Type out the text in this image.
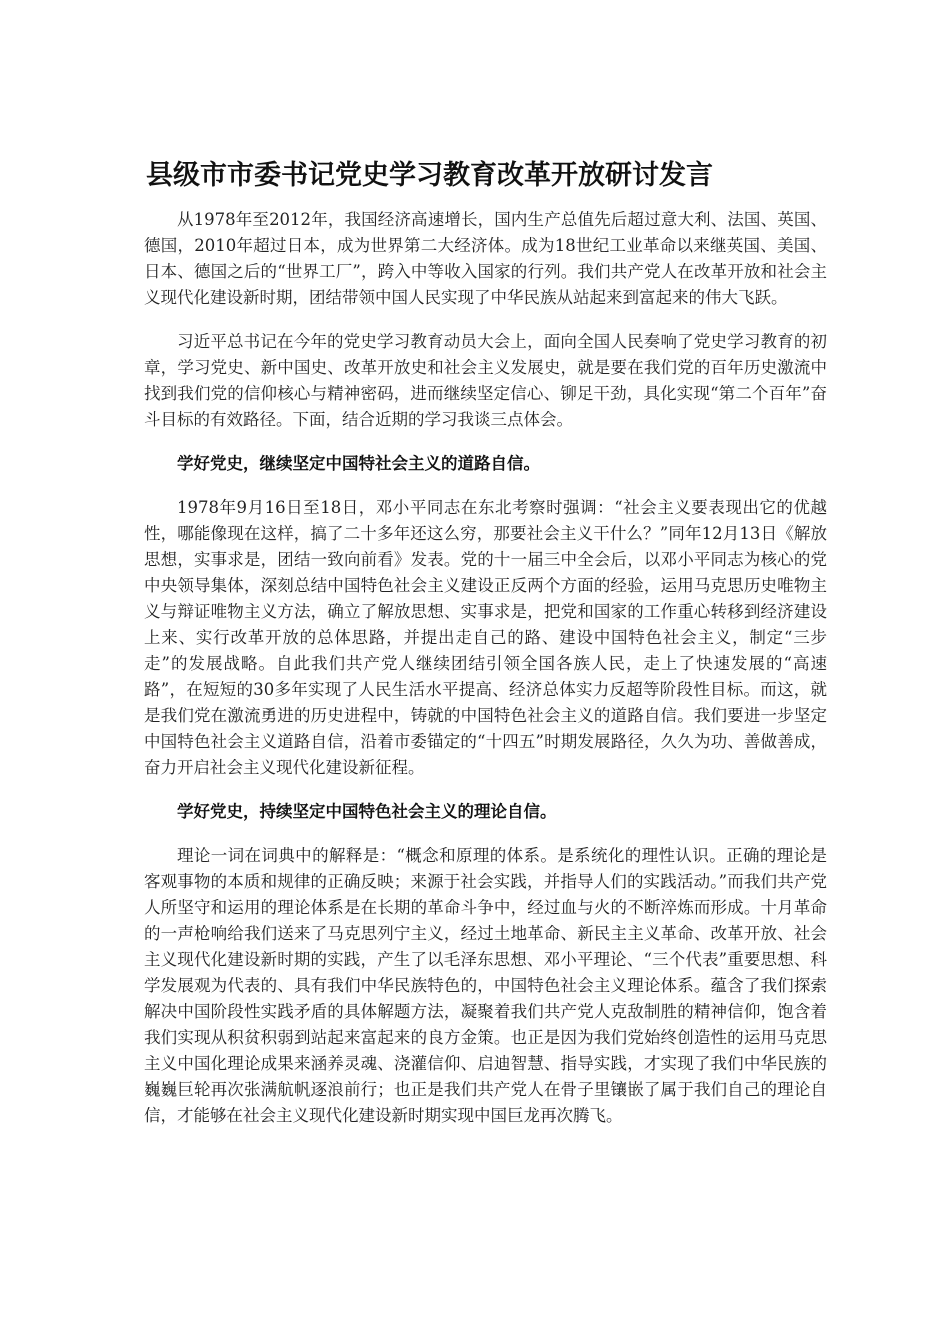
县级市市委书记党史学习教育改革开放研讨发言

从1978年至2012年，我国经济高速增长，国内生产总值先后超过意大利、法国、英国、德国，2010年超过日本，成为世界第二大经济体。成为18世纪工业革命以来继英国、美国、日本、德国之后的“世界工厂”，跨入中等收入国家的行列。我们共产党人在改革开放和社会主义现代化建设新时期，团结带领中国人民实现了中华民族从站起来到富起来的伟大飞跃。

习近平总书记在今年的党史学习教育动员大会上，面向全国人民奏响了党史学习教育的初章，学习党史、新中国史、改革开放史和社会主义发展史，就是要在我们党的百年历史激流中找到我们党的信仰核心与精神密码，进而继续坚定信心、铆足干劲，具化实现“第二个百年”奋斗目标的有效路径。下面，结合近期的学习我谈三点体会。

学好党史，继续坚定中国特社会主义的道路自信。

1978年9月16日至18日，邓小平同志在东北考察时强调：“社会主义要表现出它的优越性，哪能像现在这样，搞了二十多年还这么穷，那要社会主义干什么？”同年12月13日《解放思想，实事求是，团结一致向前看》发表。党的十一届三中全会后，以邓小平同志为核心的党中央领导集体，深刻总结中国特色社会主义建设正反两个方面的经验，运用马克思历史唯物主义与辩证唯物主义方法，确立了解放思想、实事求是，把党和国家的工作重心转移到经济建设上来、实行改革开放的总体思路，并提出走自己的路、建设中国特色社会主义，制定“三步走”的发展战略。自此我们共产党人继续团结引领全国各族人民，走上了快速发展的“高速路”，在短短的30多年实现了人民生活水平提高、经济总体实力反超等阶段性目标。而这，就是我们党在激流勇进的历史进程中，铸就的中国特色社会主义的道路自信。我们要进一步坚定中国特色社会主义道路自信，沿着市委锚定的“十四五”时期发展路径，久久为功、善做善成，奋力开启社会主义现代化建设新征程。

学好党史，持续坚定中国特色社会主义的理论自信。

理论一词在词典中的解释是：“概念和原理的体系。是系统化的理性认识。正确的理论是客观事物的本质和规律的正确反映；来源于社会实践，并指导人们的实践活动。”而我们共产党人所坚守和运用的理论体系是在长期的革命斗争中，经过血与火的不断淬炼而形成。十月革命的一声枪响给我们送来了马克思列宁主义，经过土地革命、新民主主义革命、改革开放、社会主义现代化建设新时期的实践，产生了以毛泽东思想、邓小平理论、“三个代表”重要思想、科学发展观为代表的、具有我们中华民族特色的，中国特色社会主义理论体系。蕴含了我们探索解决中国阶段性实践矛盾的具体解题方法，凝聚着我们共产党人克敌制胜的精神信仰，饱含着我们实现从积贫积弱到站起来富起来的良方金策。也正是因为我们党始终创造性的运用马克思主义中国化理论成果来涵养灵魂、浇灌信仰、启迪智慧、指导实践，才实现了我们中华民族的巍巍巨轮再次张满航帆逐浪前行；也正是我们共产党人在骨子里镶嵌了属于我们自己的理论自信，才能够在社会主义现代化建设新时期实现中国巨龙再次腾飞。
